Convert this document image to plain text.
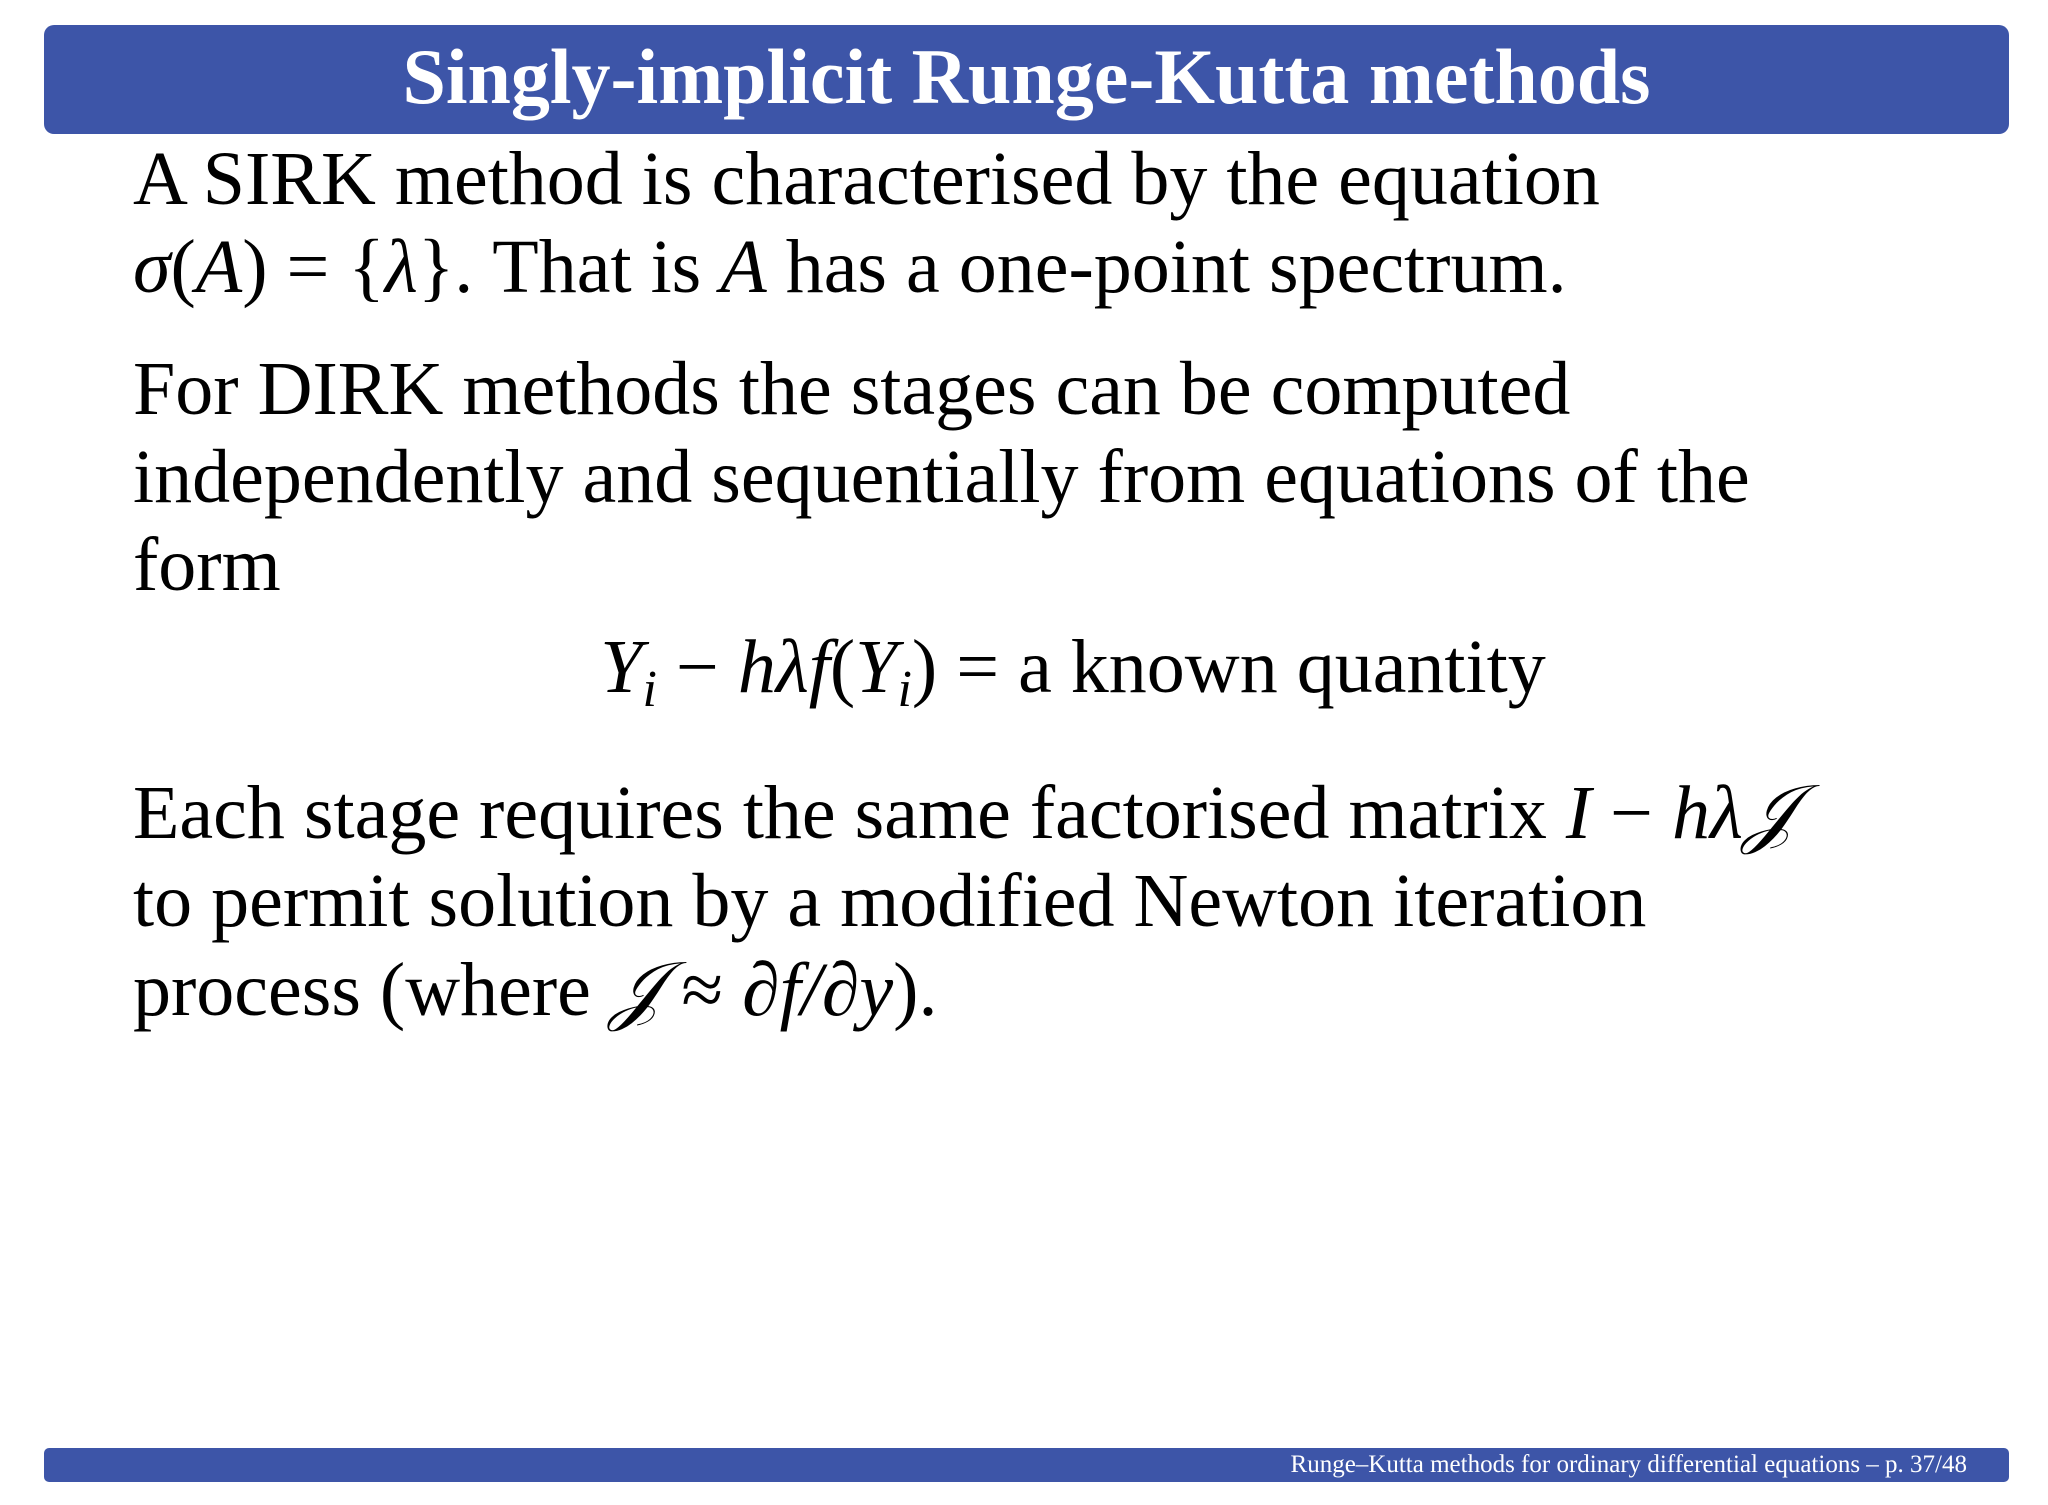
Singly-implicit Runge-Kutta methods

A SIRK method is characterised by the equation
σ(A) = {λ}. That is A has a one-point spectrum.

For DIRK methods the stages can be computed
independently and sequentially from equations of the
form
$Y_i - h\lambda f(Y_i) = a$ known quantity

Each stage requires the same factorised matrix I − hλ𝒥
to permit solution by a modified Newton iteration
process (where 𝒥 ≈ ∂f/∂y).

Runge–Kutta methods for ordinary differential equations – p. 37/48
